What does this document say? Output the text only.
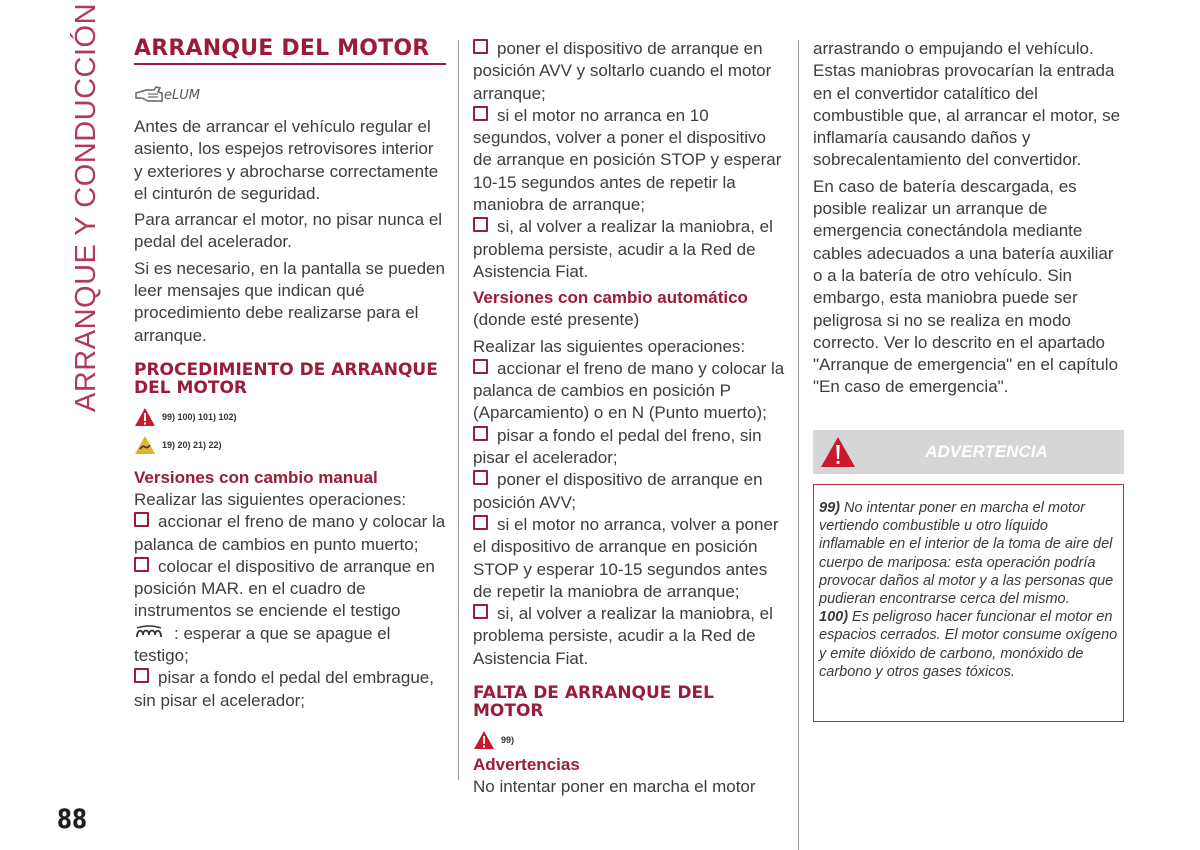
ARRANQUE Y CONDUCCIÓN
88
ARRANQUE DEL MOTOR
eLUM
Antes de arrancar el vehículo regular el asiento, los espejos retrovisores interior y exteriores y abrocharse correctamente el cinturón de seguridad.
Para arrancar el motor, no pisar nunca el pedal del acelerador.
Si es necesario, en la pantalla se pueden leer mensajes que indican qué procedimiento debe realizarse para el arranque.
PROCEDIMIENTO DE ARRANQUE DEL MOTOR
99) 100) 101) 102)
19) 20) 21) 22)
Versiones con cambio manual
Realizar las siguientes operaciones:
accionar el freno de mano y colocar la palanca de cambios en punto muerto;
colocar el dispositivo de arranque en posición MAR. en el cuadro de instrumentos se enciende el testigo
: esperar a que se apague el testigo;
pisar a fondo el pedal del embrague, sin pisar el acelerador;
poner el dispositivo de arranque en posición AVV y soltarlo cuando el motor arranque;
si el motor no arranca en 10 segundos, volver a poner el dispositivo de arranque en posición STOP y esperar 10-15 segundos antes de repetir la maniobra de arranque;
si, al volver a realizar la maniobra, el problema persiste, acudir a la Red de Asistencia Fiat.
Versiones con cambio automático
(donde esté presente)
Realizar las siguientes operaciones:
accionar el freno de mano y colocar la palanca de cambios en posición P (Aparcamiento) o en N (Punto muerto);
pisar a fondo el pedal del freno, sin pisar el acelerador;
poner el dispositivo de arranque en posición AVV;
si el motor no arranca, volver a poner el dispositivo de arranque en posición STOP y esperar 10-15 segundos antes de repetir la maniobra de arranque;
si, al volver a realizar la maniobra, el problema persiste, acudir a la Red de Asistencia Fiat.
FALTA DE ARRANQUE DEL MOTOR
99)
Advertencias
No intentar poner en marcha el motor
arrastrando o empujando el vehículo. Estas maniobras provocarían la entrada en el convertidor catalítico del combustible que, al arrancar el motor, se inflamaría causando daños y sobrecalentamiento del convertidor.
En caso de batería descargada, es posible realizar un arranque de emergencia conectándola mediante cables adecuados a una batería auxiliar o a la batería de otro vehículo. Sin embargo, esta maniobra puede ser peligrosa si no se realiza en modo correcto. Ver lo descrito en el apartado "Arranque de emergencia" en el capítulo "En caso de emergencia".
ADVERTENCIA
99) No intentar poner en marcha el motor vertiendo combustible u otro líquido inflamable en el interior de la toma de aire del cuerpo de mariposa: esta operación podría provocar daños al motor y a las personas que pudieran encontrarse cerca del mismo.
100) Es peligroso hacer funcionar el motor en espacios cerrados. El motor consume oxígeno y emite dióxido de carbono, monóxido de carbono y otros gases tóxicos.
